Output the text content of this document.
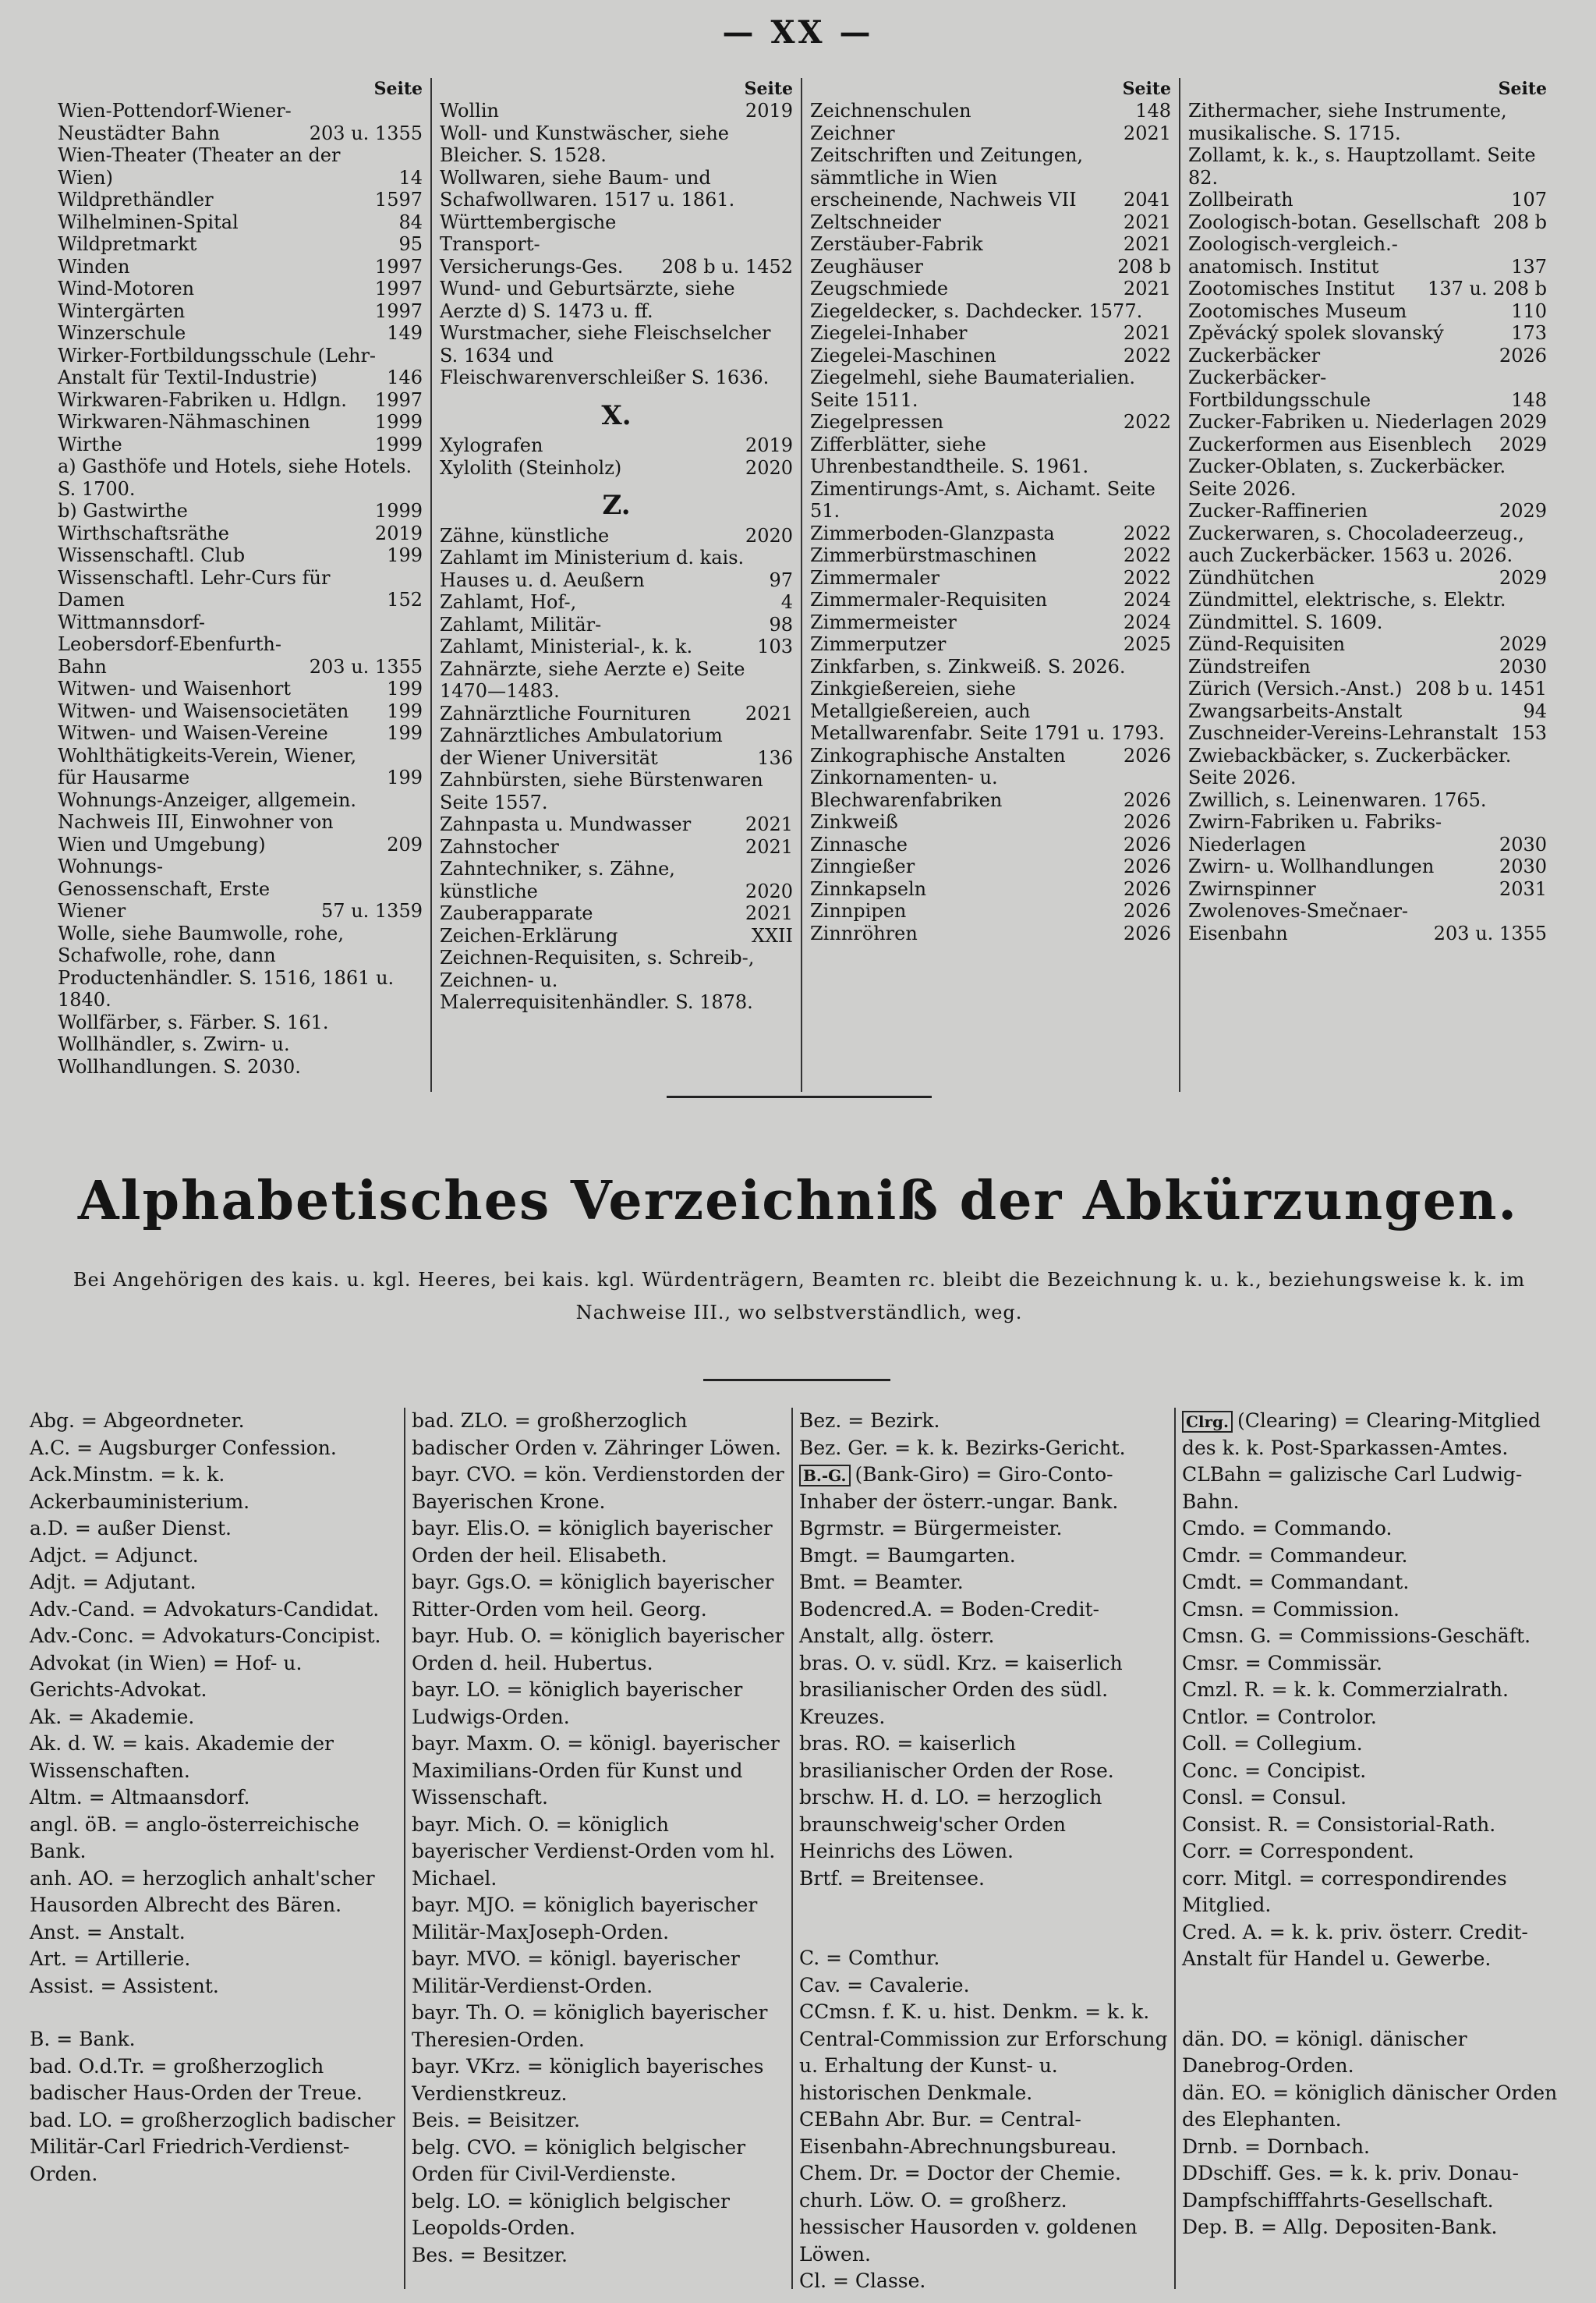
— XX —
Seite
Wien-Pottendorf-Wiener-Neustädter Bahn	203 u. 1355
Wien-Theater (Theater an der Wien)	14
Wildprethändler	1597
Wilhelminen-Spital	84
Wildpretmarkt	95
Winden	1997
Wind-Motoren	1997
Wintergärten	1997
Winzerschule	149
Wirker-Fortbildungsschule (Lehr-Anstalt für Textil-Industrie)	146
Wirkwaren-Fabriken u. Hdlgn.	1997
Wirkwaren-Nähmaschinen	1999
Wirthe	1999
a) Gasthöfe und Hotels, siehe Hotels. S. 1700.
b) Gastwirthe	1999
Wirthschaftsräthe	2019
Wissenschaftl. Club	199
Wissenschaftl. Lehr-Curs für Damen	152
Wittmannsdorf-Leobersdorf-Ebenfurth-Bahn	203 u. 1355
Witwen- und Waisenhort	199
Witwen- und Waisensocietäten	199
Witwen- und Waisen-Vereine	199
Wohlthätigkeits-Verein, Wiener, für Hausarme	199
Wohnungs-Anzeiger, allgemein. Nachweis III, Einwohner von Wien und Umgebung)	209
Wohnungs-Genossenschaft, Erste Wiener	57 u. 1359
Wolle, siehe Baumwolle, rohe, Schafwolle, rohe, dann Productenhändler. S. 1516, 1861 u. 1840.
Wollfärber, s. Färber. S. 161.
Wollhändler, s. Zwirn- u. Wollhandlungen. S. 2030.
Seite
Wollin	2019
Woll- und Kunstwäscher, siehe Bleicher. S. 1528.
Wollwaren, siehe Baum- und Schafwollwaren. 1517 u. 1861.
Württembergische Transport-Versicherungs-Ges.	208 b u. 1452
Wund- und Geburtsärzte, siehe Aerzte d) S. 1473 u. ff.
Wurstmacher, siehe Fleischselcher S. 1634 und Fleischwarenverschleißer S. 1636.
X.
Xylografen	2019
Xylolith (Steinholz)	2020
Z.
Zähne, künstliche	2020
Zahlamt im Ministerium d. kais. Hauses u. d. Aeußern	97
Zahlamt, Hof-,	4
Zahlamt, Militär-	98
Zahlamt, Ministerial-, k. k.	103
Zahnärzte, siehe Aerzte e) Seite 1470—1483.
Zahnärztliche Fournituren	2021
Zahnärztliches Ambulatorium der Wiener Universität	136
Zahnbürsten, siehe Bürstenwaren Seite 1557.
Zahnpasta u. Mundwasser	2021
Zahnstocher	2021
Zahntechniker, s. Zähne, künstliche	2020
Zauberapparate	2021
Zeichen-Erklärung	XXII
Zeichnen-Requisiten, s. Schreib-, Zeichnen- u. Malerrequisitenhändler. S. 1878.
Seite
Zeichnenschulen	148
Zeichner	2021
Zeitschriften und Zeitungen, sämmtliche in Wien erscheinende, Nachweis VII	2041
Zeltschneider	2021
Zerstäuber-Fabrik	2021
Zeughäuser	208 b
Zeugschmiede	2021
Ziegeldecker, s. Dachdecker. 1577.
Ziegelei-Inhaber	2021
Ziegelei-Maschinen	2022
Ziegelmehl, siehe Baumaterialien. Seite 1511.
Ziegelpressen	2022
Zifferblätter, siehe Uhrenbestandtheile. S. 1961.
Zimentirungs-Amt, s. Aichamt. Seite 51.
Zimmerboden-Glanzpasta	2022
Zimmerbürstmaschinen	2022
Zimmermaler	2022
Zimmermaler-Requisiten	2024
Zimmermeister	2024
Zimmerputzer	2025
Zinkfarben, s. Zinkweiß. S. 2026.
Zinkgießereien, siehe Metallgießereien, auch Metallwarenfabr. Seite 1791 u. 1793.
Zinkographische Anstalten	2026
Zinkornamenten- u. Blechwarenfabriken	2026
Zinkweiß	2026
Zinnasche	2026
Zinngießer	2026
Zinnkapseln	2026
Zinnpipen	2026
Zinnröhren	2026
Seite
Zithermacher, siehe Instrumente, musikalische. S. 1715.
Zollamt, k. k., s. Hauptzollamt. Seite 82.
Zollbeirath	107
Zoologisch-botan. Gesellschaft 208 b
Zoologisch-vergleich.-anatomisch. Institut	137
Zootomisches Institut	137 u. 208 b
Zootomisches Museum	110
Zpěvácký spolek slovanský	173
Zuckerbäcker	2026
Zuckerbäcker-Fortbildungsschule	148
Zucker-Fabriken u. Niederlagen 2029
Zuckerformen aus Eisenblech	2029
Zucker-Oblaten, s. Zuckerbäcker. Seite 2026.
Zucker-Raffinerien	2029
Zuckerwaren, s. Chocoladeerzeug., auch Zuckerbäcker. 1563 u. 2026.
Zündhütchen	2029
Zündmittel, elektrische, s. Elektr. Zündmittel. S. 1609.
Zünd-Requisiten	2029
Zündstreifen	2030
Zürich (Versich.-Anst.) 208 b u. 1451
Zwangsarbeits-Anstalt	94
Zuschneider-Vereins-Lehranstalt 153
Zwiebackbäcker, s. Zuckerbäcker. Seite 2026.
Zwillich, s. Leinenwaren. 1765.
Zwirn-Fabriken u. Fabriks-Niederlagen	2030
Zwirn- u. Wollhandlungen	2030
Zwirnspinner	2031
Zwolenoves-Smečnaer-Eisenbahn	203 u. 1355
Alphabetisches Verzeichniß der Abkürzungen.
Bei Angehörigen des kais. u. kgl. Heeres, bei kais. kgl. Würdenträgern, Beamten rc. bleibt die Bezeichnung k. u. k., beziehungsweise k. k. im Nachweise III., wo selbstverständlich, weg.
Abg. = Abgeordneter.
A.C. = Augsburger Confession.
Ack.Minstm. = k. k. Ackerbauministerium.
a.D. = außer Dienst.
Adjct. = Adjunct.
Adjt. = Adjutant.
Adv.-Cand. = Advokaturs-Candidat.
Adv.-Conc. = Advokaturs-Concipist.
Advokat (in Wien) = Hof- u. Gerichts-Advokat.
Ak. = Akademie.
Ak. d. W. = kais. Akademie der Wissenschaften.
Altm. = Altmaansdorf.
angl. öB. = anglo-österreichische Bank.
anh. AO. = herzoglich anhalt'scher Hausorden Albrecht des Bären.
Anst. = Anstalt.
Art. = Artillerie.
Assist. = Assistent.
B. = Bank.
bad. O.d.Tr. = großherzoglich badischer Haus-Orden der Treue.
bad. LO. = großherzoglich badischer Militär-Carl Friedrich-Verdienst-Orden.
bad. ZLO. = großherzoglich badischer Orden v. Zähringer Löwen.
bayr. CVO. = kön. Verdienstorden der Bayerischen Krone.
bayr. Elis.O. = königlich bayerischer Orden der heil. Elisabeth.
bayr. Ggs.O. = königlich bayerischer Ritter-Orden vom heil. Georg.
bayr. Hub. O. = königlich bayerischer Orden d. heil. Hubertus.
bayr. LO. = königlich bayerischer Ludwigs-Orden.
bayr. Maxm. O. = königl. bayerischer Maximilians-Orden für Kunst und Wissenschaft.
bayr. Mich. O. = königlich bayerischer Verdienst-Orden vom hl. Michael.
bayr. MJO. = königlich bayerischer Militär-MaxJoseph-Orden.
bayr. MVO. = königl. bayerischer Militär-Verdienst-Orden.
bayr. Th. O. = königlich bayerischer Theresien-Orden.
bayr. VKrz. = königlich bayerisches Verdienstkreuz.
Beis. = Beisitzer.
belg. CVO. = königlich belgischer Orden für Civil-Verdienste.
belg. LO. = königlich belgischer Leopolds-Orden.
Bes. = Besitzer.
Bez. = Bezirk.
Bez. Ger. = k. k. Bezirks-Gericht.
B.-G. (Bank-Giro) = Giro-Conto-Inhaber der österr.-ungar. Bank.
Bgrmstr. = Bürgermeister.
Bmgt. = Baumgarten.
Bmt. = Beamter.
Bodencred.A. = Boden-Credit-Anstalt, allg. österr.
bras. O. v. südl. Krz. = kaiserlich brasilianischer Orden des südl. Kreuzes.
bras. RO. = kaiserlich brasilianischer Orden der Rose.
brschw. H. d. LO. = herzoglich braunschweig'scher Orden Heinrichs des Löwen.
Brtf. = Breitensee.
C. = Comthur.
Cav. = Cavalerie.
CCmsn. f. K. u. hist. Denkm. = k. k. Central-Commission zur Erforschung u. Erhaltung der Kunst- u. historischen Denkmale.
CEBahn Abr. Bur. = Central-Eisenbahn-Abrechnungsbureau.
Chem. Dr. = Doctor der Chemie.
churh. Löw. O. = großherz. hessischer Hausorden v. goldenen Löwen.
Cl. = Classe.
Clrg. (Clearing) = Clearing-Mitglied des k. k. Post-Sparkassen-Amtes.
CLBahn = galizische Carl Ludwig-Bahn.
Cmdo. = Commando.
Cmdr. = Commandeur.
Cmdt. = Commandant.
Cmsn. = Commission.
Cmsn. G. = Commissions-Geschäft.
Cmsr. = Commissär.
Cmzl. R. = k. k. Commerzialrath.
Cntlor. = Controlor.
Coll. = Collegium.
Conc. = Concipist.
Consl. = Consul.
Consist. R. = Consistorial-Rath.
Corr. = Correspondent.
corr. Mitgl. = correspondirendes Mitglied.
Cred. A. = k. k. priv. österr. Credit-Anstalt für Handel u. Gewerbe.
dän. DO. = königl. dänischer Danebrog-Orden.
dän. EO. = königlich dänischer Orden des Elephanten.
Drnb. = Dornbach.
DDschiff. Ges. = k. k. priv. Donau-Dampfschifffahrts-Gesellschaft.
Dep. B. = Allg. Depositen-Bank.
